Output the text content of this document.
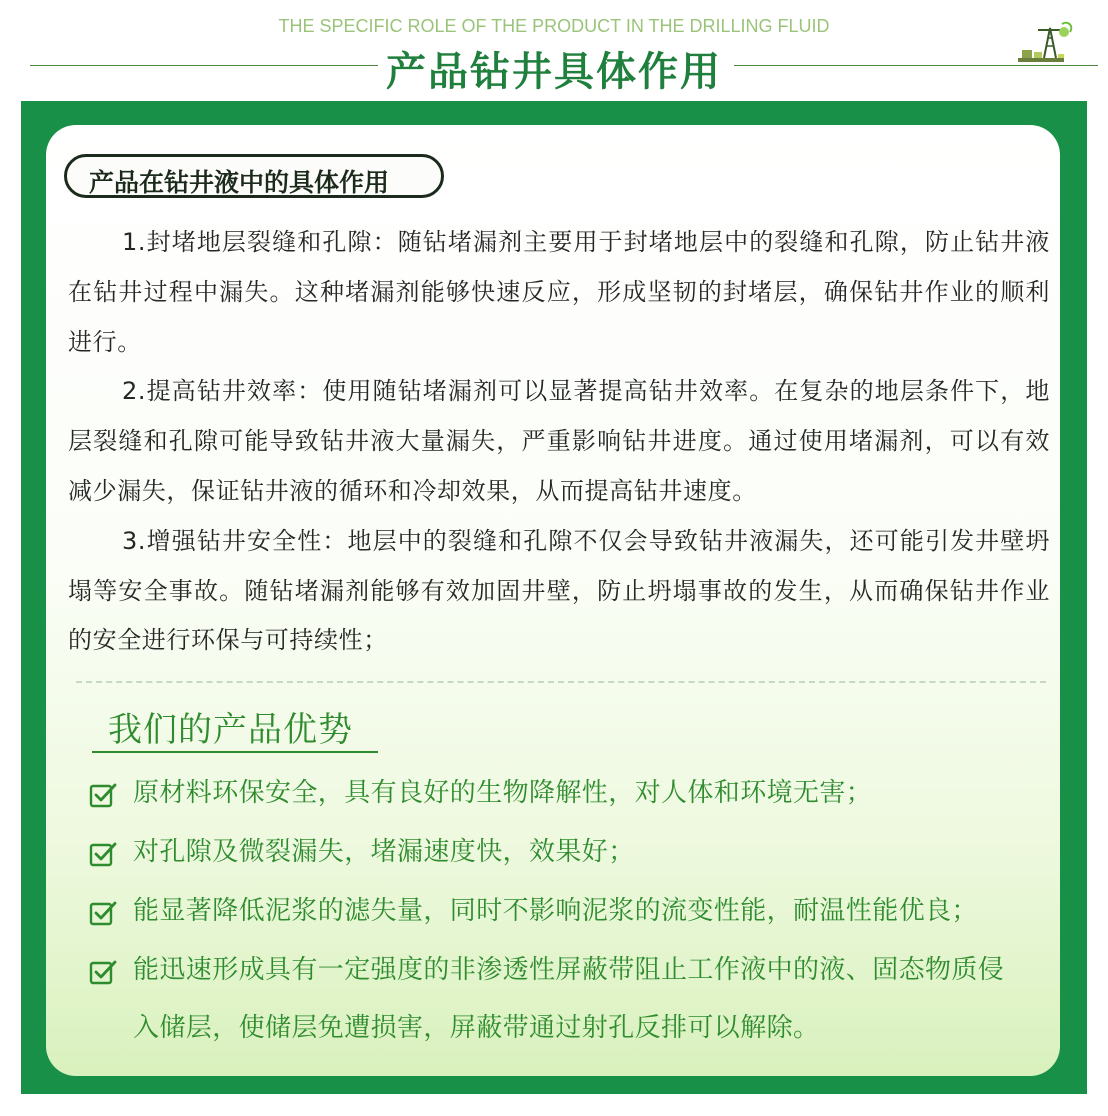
THE SPECIFIC ROLE OF THE PRODUCT IN THE DRILLING FLUID
产品钻井具体作用
产品在钻井液中的具体作用

1.封堵地层裂缝和孔隙：随钻堵漏剂主要用于封堵地层中的裂缝和孔隙，防止钻井液在钻井过程中漏失。这种堵漏剂能够快速反应，形成坚韧的封堵层，确保钻井作业的顺利进行。

2.提高钻井效率：使用随钻堵漏剂可以显著提高钻井效率。在复杂的地层条件下，地层裂缝和孔隙可能导致钻井液大量漏失，严重影响钻井进度。通过使用堵漏剂，可以有效减少漏失，保证钻井液的循环和冷却效果，从而提高钻井速度。

3.增强钻井安全性：地层中的裂缝和孔隙不仅会导致钻井液漏失，还可能引发井壁坍塌等安全事故。随钻堵漏剂能够有效加固井壁，防止坍塌事故的发生，从而确保钻井作业的安全进行环保与可持续性；

我们的产品优势
原材料环保安全，具有良好的生物降解性，对人体和环境无害；
对孔隙及微裂漏失，堵漏速度快，效果好；
能显著降低泥浆的滤失量，同时不影响泥浆的流变性能，耐温性能优良；
能迅速形成具有一定强度的非渗透性屏蔽带阻止工作液中的液、固态物质侵入储层，使储层免遭损害，屏蔽带通过射孔反排可以解除。
